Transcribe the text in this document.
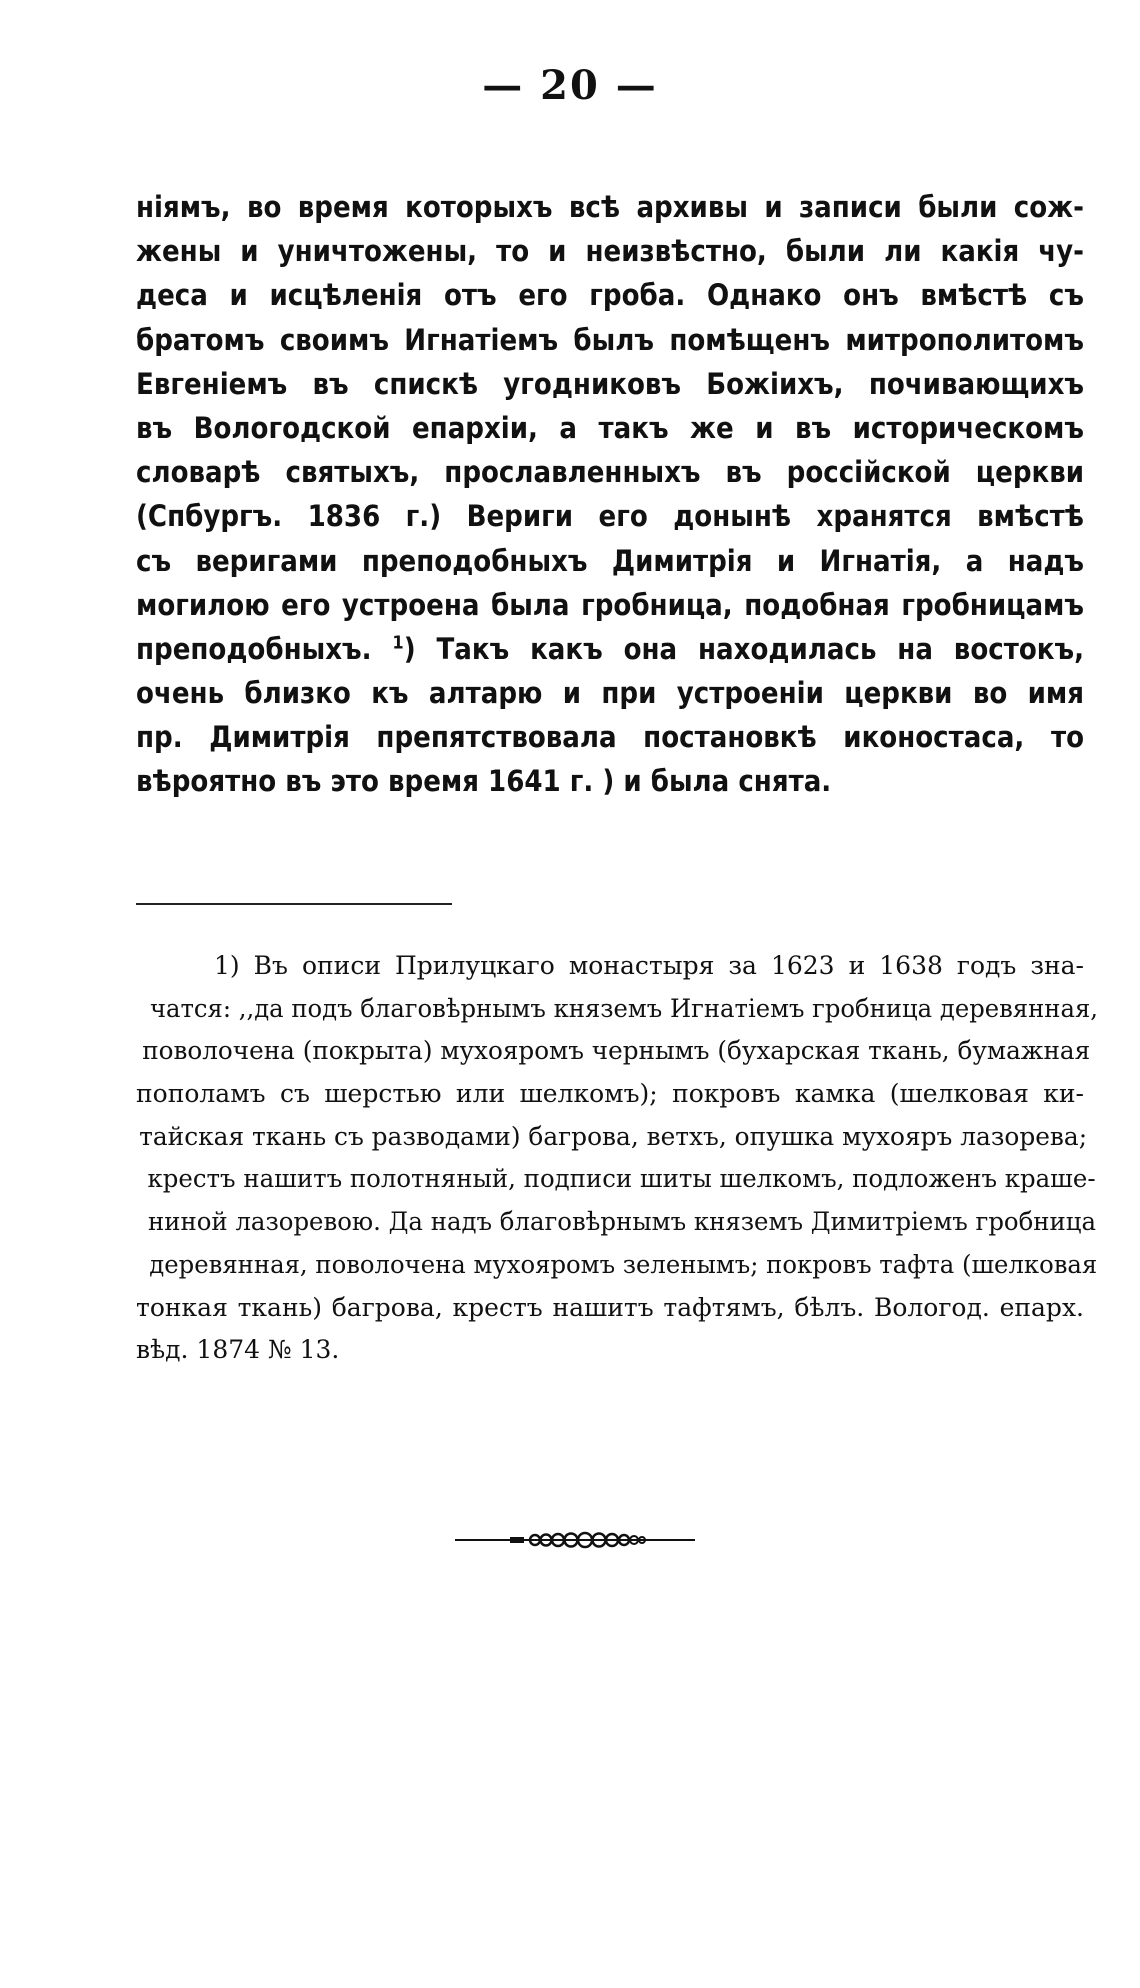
— 20 —
ніямъ, во время которыхъ всѣ архивы и записи были сож-
жены и уничтожены, то и неизвѣстно, были ли какія чу-
деса и исцѣленія отъ его гроба. Однако онъ вмѣстѣ съ
братомъ своимъ Игнатіемъ былъ помѣщенъ митрополитомъ
Евгеніемъ въ спискѣ угодниковъ Божіихъ, почивающихъ
въ Вологодской епархіи, а такъ же и въ историческомъ
словарѣ святыхъ, прославленныхъ въ россійской церкви
(Спбургъ. 1836 г.) Вериги его донынѣ хранятся вмѣстѣ
съ веригами преподобныхъ Димитрія и Игнатія, а надъ
могилою его устроена была гробница, подобная гробницамъ
преподобныхъ. $^1$) Такъ какъ она находилась на востокъ,
очень близко къ алтарю и при устроеніи церкви во имя
пр. Димитрія препятствовала постановкѣ иконостаса, то
вѣроятно въ это время 1641 г. ) и была снята.
1) Въ описи Прилуцкаго монастыря за 1623 и 1638 годъ зна-
чатся: ,,да подъ благовѣрнымъ княземъ Игнатіемъ гробница деревянная,
поволочена (покрыта) мухояромъ чернымъ (бухарская ткань, бумажная
пополамъ съ шерстью или шелкомъ); покровъ камка (шелковая ки-
тайская ткань съ разводами) багрова, ветхъ, опушка мухояръ лазорева;
крестъ нашитъ полотняный, подписи шиты шелкомъ, подложенъ краше-
ниной лазоревою. Да надъ благовѣрнымъ княземъ Димитріемъ гробница
деревянная, поволочена мухояромъ зеленымъ; покровъ тафта (шелковая
тонкая ткань) багрова, крестъ нашитъ тафтямъ, бѣлъ. Вологод. епарх.
вѣд. 1874 № 13.
